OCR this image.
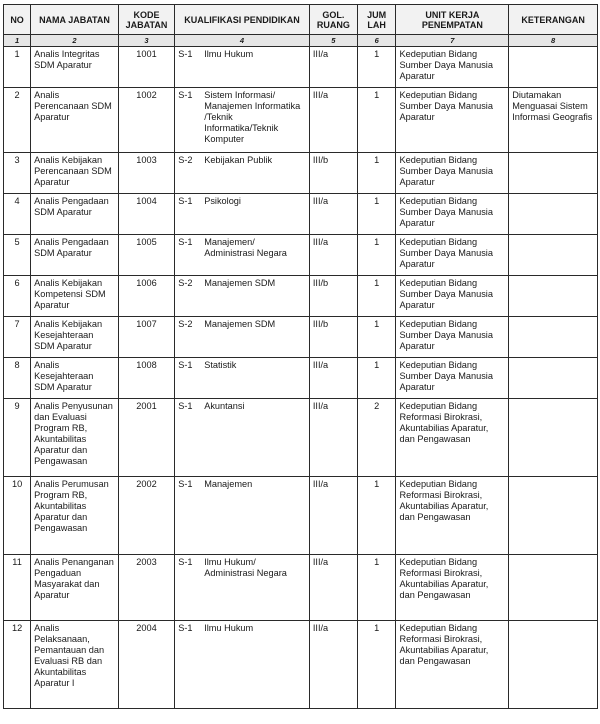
NO	NAMA JABATAN	KODE JABATAN	KUALIFIKASI PENDIDIKAN	GOL. RUANG	JUM LAH	UNIT KERJA PENEMPATAN	KETERANGAN
1	2	3	4	5	6	7	8
1	Analis Integritas SDM Aparatur	1001	S-1 Ilmu Hukum	III/a	1	Kedeputian Bidang Sumber Daya Manusia Aparatur	
2	Analis Perencanaan SDM Aparatur	1002	S-1 Sistem Informasi/ Manajemen Informatika /Teknik Informatika/Teknik Komputer	III/a	1	Kedeputian Bidang Sumber Daya Manusia Aparatur	Diutamakan Menguasai Sistem Informasi Geografis
3	Analis Kebijakan Perencanaan SDM Aparatur	1003	S-2 Kebijakan Publik	III/b	1	Kedeputian Bidang Sumber Daya Manusia Aparatur	
4	Analis Pengadaan SDM Aparatur	1004	S-1 Psikologi	III/a	1	Kedeputian Bidang Sumber Daya Manusia Aparatur	
5	Analis Pengadaan SDM Aparatur	1005	S-1 Manajemen/ Administrasi Negara	III/a	1	Kedeputian Bidang Sumber Daya Manusia Aparatur	
6	Analis Kebijakan Kompetensi SDM Aparatur	1006	S-2 Manajemen SDM	III/b	1	Kedeputian Bidang Sumber Daya Manusia Aparatur	
7	Analis Kebijakan Kesejahteraan SDM Aparatur	1007	S-2 Manajemen SDM	III/b	1	Kedeputian Bidang Sumber Daya Manusia Aparatur	
8	Analis Kesejahteraan SDM Aparatur	1008	S-1 Statistik	III/a	1	Kedeputian Bidang Sumber Daya Manusia Aparatur	
9	Analis Penyusunan dan Evaluasi Program RB, Akuntabilitas Aparatur dan Pengawasan	2001	S-1 Akuntansi	III/a	2	Kedeputian Bidang Reformasi Birokrasi, Akuntabilias Aparatur, dan Pengawasan	
10	Analis Perumusan Program RB, Akuntabilitas Aparatur dan Pengawasan	2002	S-1 Manajemen	III/a	1	Kedeputian Bidang Reformasi Birokrasi, Akuntabilias Aparatur, dan Pengawasan	
11	Analis Penanganan Pengaduan Masyarakat dan Aparatur	2003	S-1 Ilmu Hukum/ Administrasi Negara	III/a	1	Kedeputian Bidang Reformasi Birokrasi, Akuntabilias Aparatur, dan Pengawasan	
12	Analis Pelaksanaan, Pemantauan dan Evaluasi RB dan Akuntabilitas Aparatur I	2004	S-1 Ilmu Hukum	III/a	1	Kedeputian Bidang Reformasi Birokrasi, Akuntabilias Aparatur, dan Pengawasan	
